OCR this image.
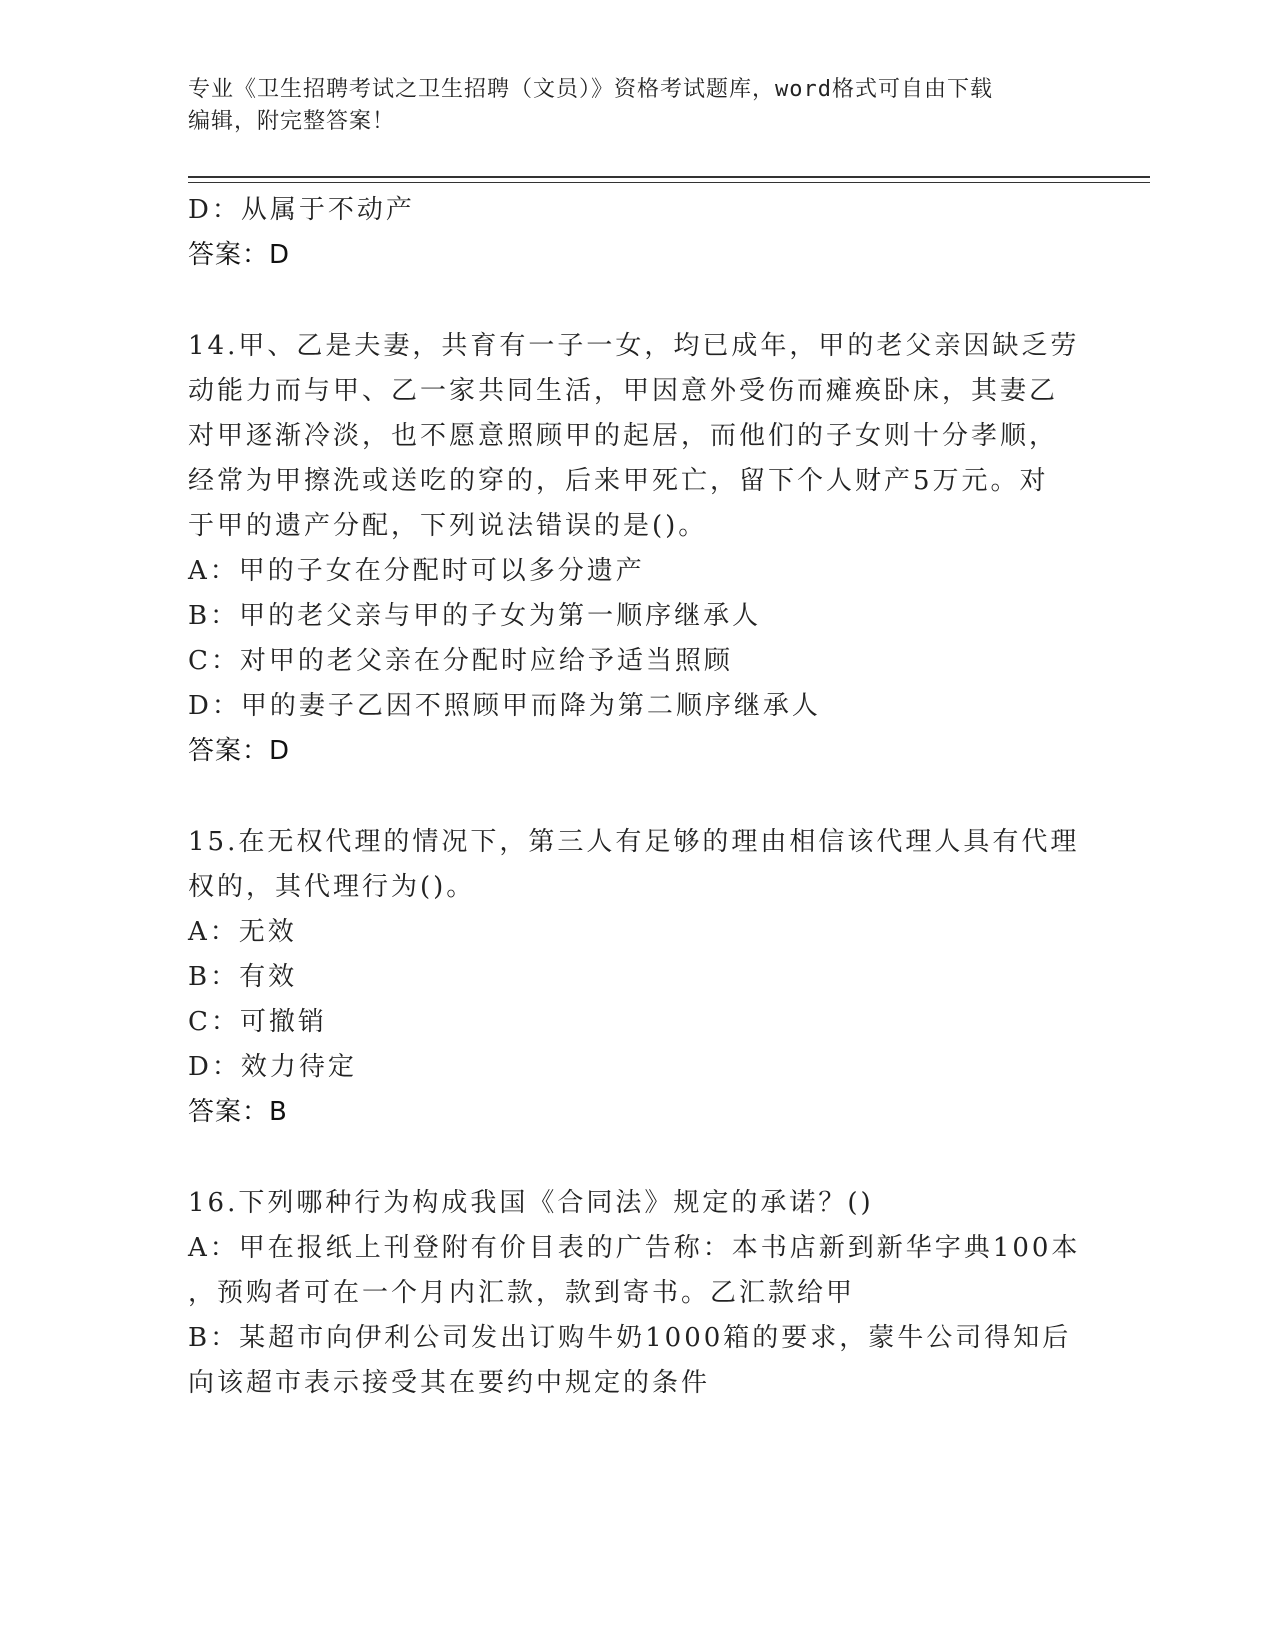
专业《卫生招聘考试之卫生招聘（文员）》资格考试题库，word格式可自由下载
编辑，附完整答案！
D：从属于不动产
答案：D
14.甲、乙是夫妻，共育有一子一女，均已成年，甲的老父亲因缺乏劳
动能力而与甲、乙一家共同生活，甲因意外受伤而瘫痪卧床，其妻乙
对甲逐渐冷淡，也不愿意照顾甲的起居，而他们的子女则十分孝顺，
经常为甲擦洗或送吃的穿的，后来甲死亡，留下个人财产5万元。对
于甲的遗产分配，下列说法错误的是()。
A：甲的子女在分配时可以多分遗产
B：甲的老父亲与甲的子女为第一顺序继承人
C：对甲的老父亲在分配时应给予适当照顾
D：甲的妻子乙因不照顾甲而降为第二顺序继承人
答案：D
15.在无权代理的情况下，第三人有足够的理由相信该代理人具有代理
权的，其代理行为()。
A：无效
B：有效
C：可撤销
D：效力待定
答案：B
16.下列哪种行为构成我国《合同法》规定的承诺？()
A：甲在报纸上刊登附有价目表的广告称：本书店新到新华字典100本
，预购者可在一个月内汇款，款到寄书。乙汇款给甲
B：某超市向伊利公司发出订购牛奶1000箱的要求，蒙牛公司得知后
向该超市表示接受其在要约中规定的条件
